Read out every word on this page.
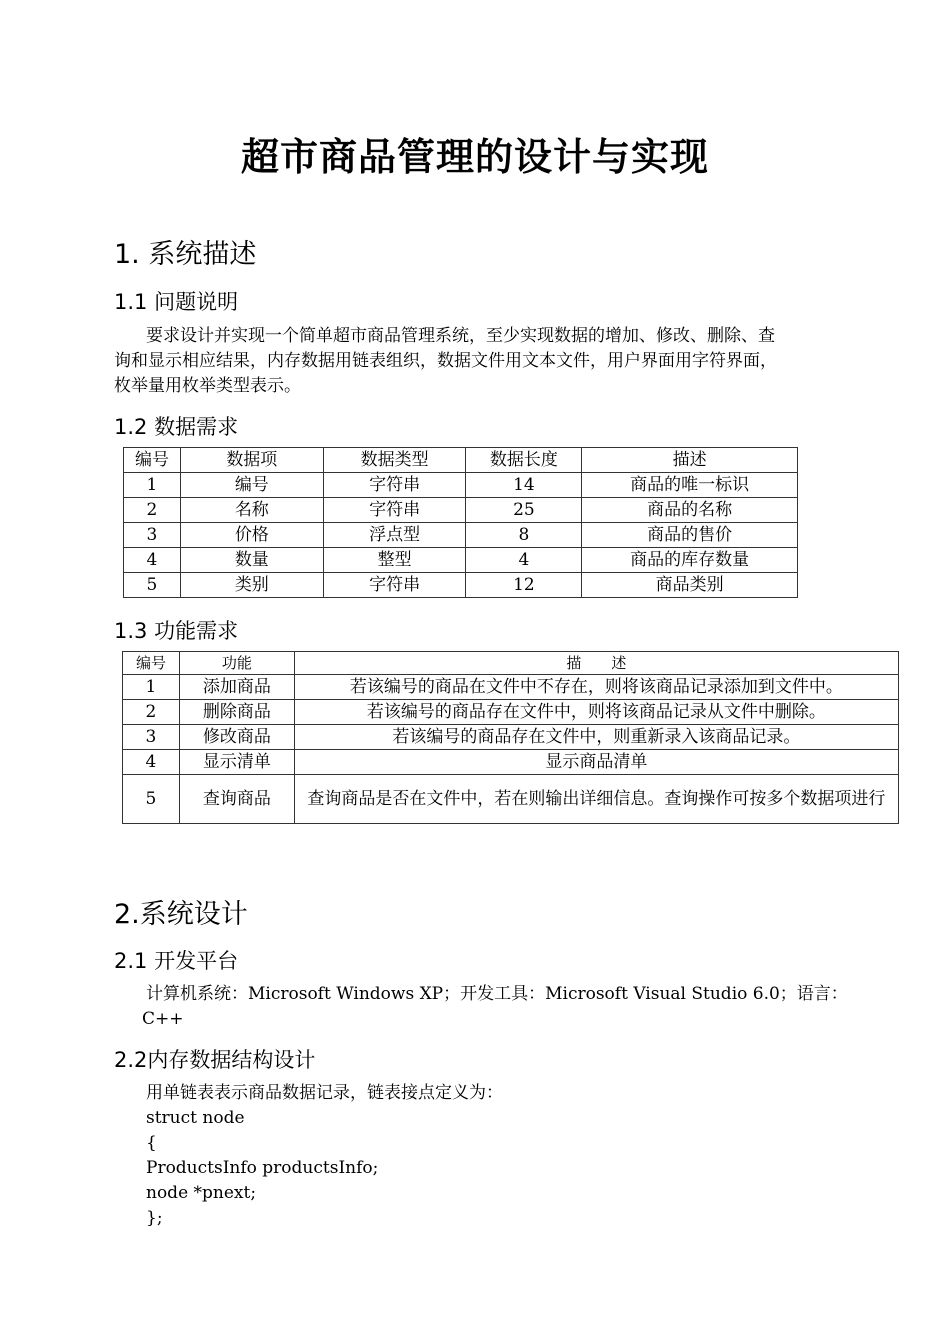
超市商品管理的设计与实现
1. 系统描述
1.1 问题说明

要求设计并实现一个简单超市商品管理系统，至少实现数据的增加、修改、删除、查

询和显示相应结果，内存数据用链表组织，数据文件用文本文件，用户界面用字符界面，

枚举量用枚举类型表示。

1.2 数据需求
编号	数据项	数据类型	数据长度	描述
1	编号	字符串	14	商品的唯一标识
2	名称	字符串	25	商品的名称
3	价格	浮点型	8	商品的售价
4	数量	整型	4	商品的库存数量
5	类别	字符串	12	商品类别
1.3 功能需求
编号	功能	描　　述
1	添加商品	若该编号的商品在文件中不存在，则将该商品记录添加到文件中。
2	删除商品	若该编号的商品存在文件中，则将该商品记录从文件中删除。
3	修改商品	若该编号的商品存在文件中，则重新录入该商品记录。
4	显示清单	显示商品清单
5	查询商品	查询商品是否在文件中，若在则输出详细信息。查询操作可按多个数据项进行
2.系统设计
2.1 开发平台

计算机系统：Microsoft Windows XP；开发工具：Microsoft Visual Studio 6.0；语言：

C++

2.2内存数据结构设计

用单链表表示商品数据记录，链表接点定义为：

struct node

{

ProductsInfo productsInfo;

node *pnext;

};
